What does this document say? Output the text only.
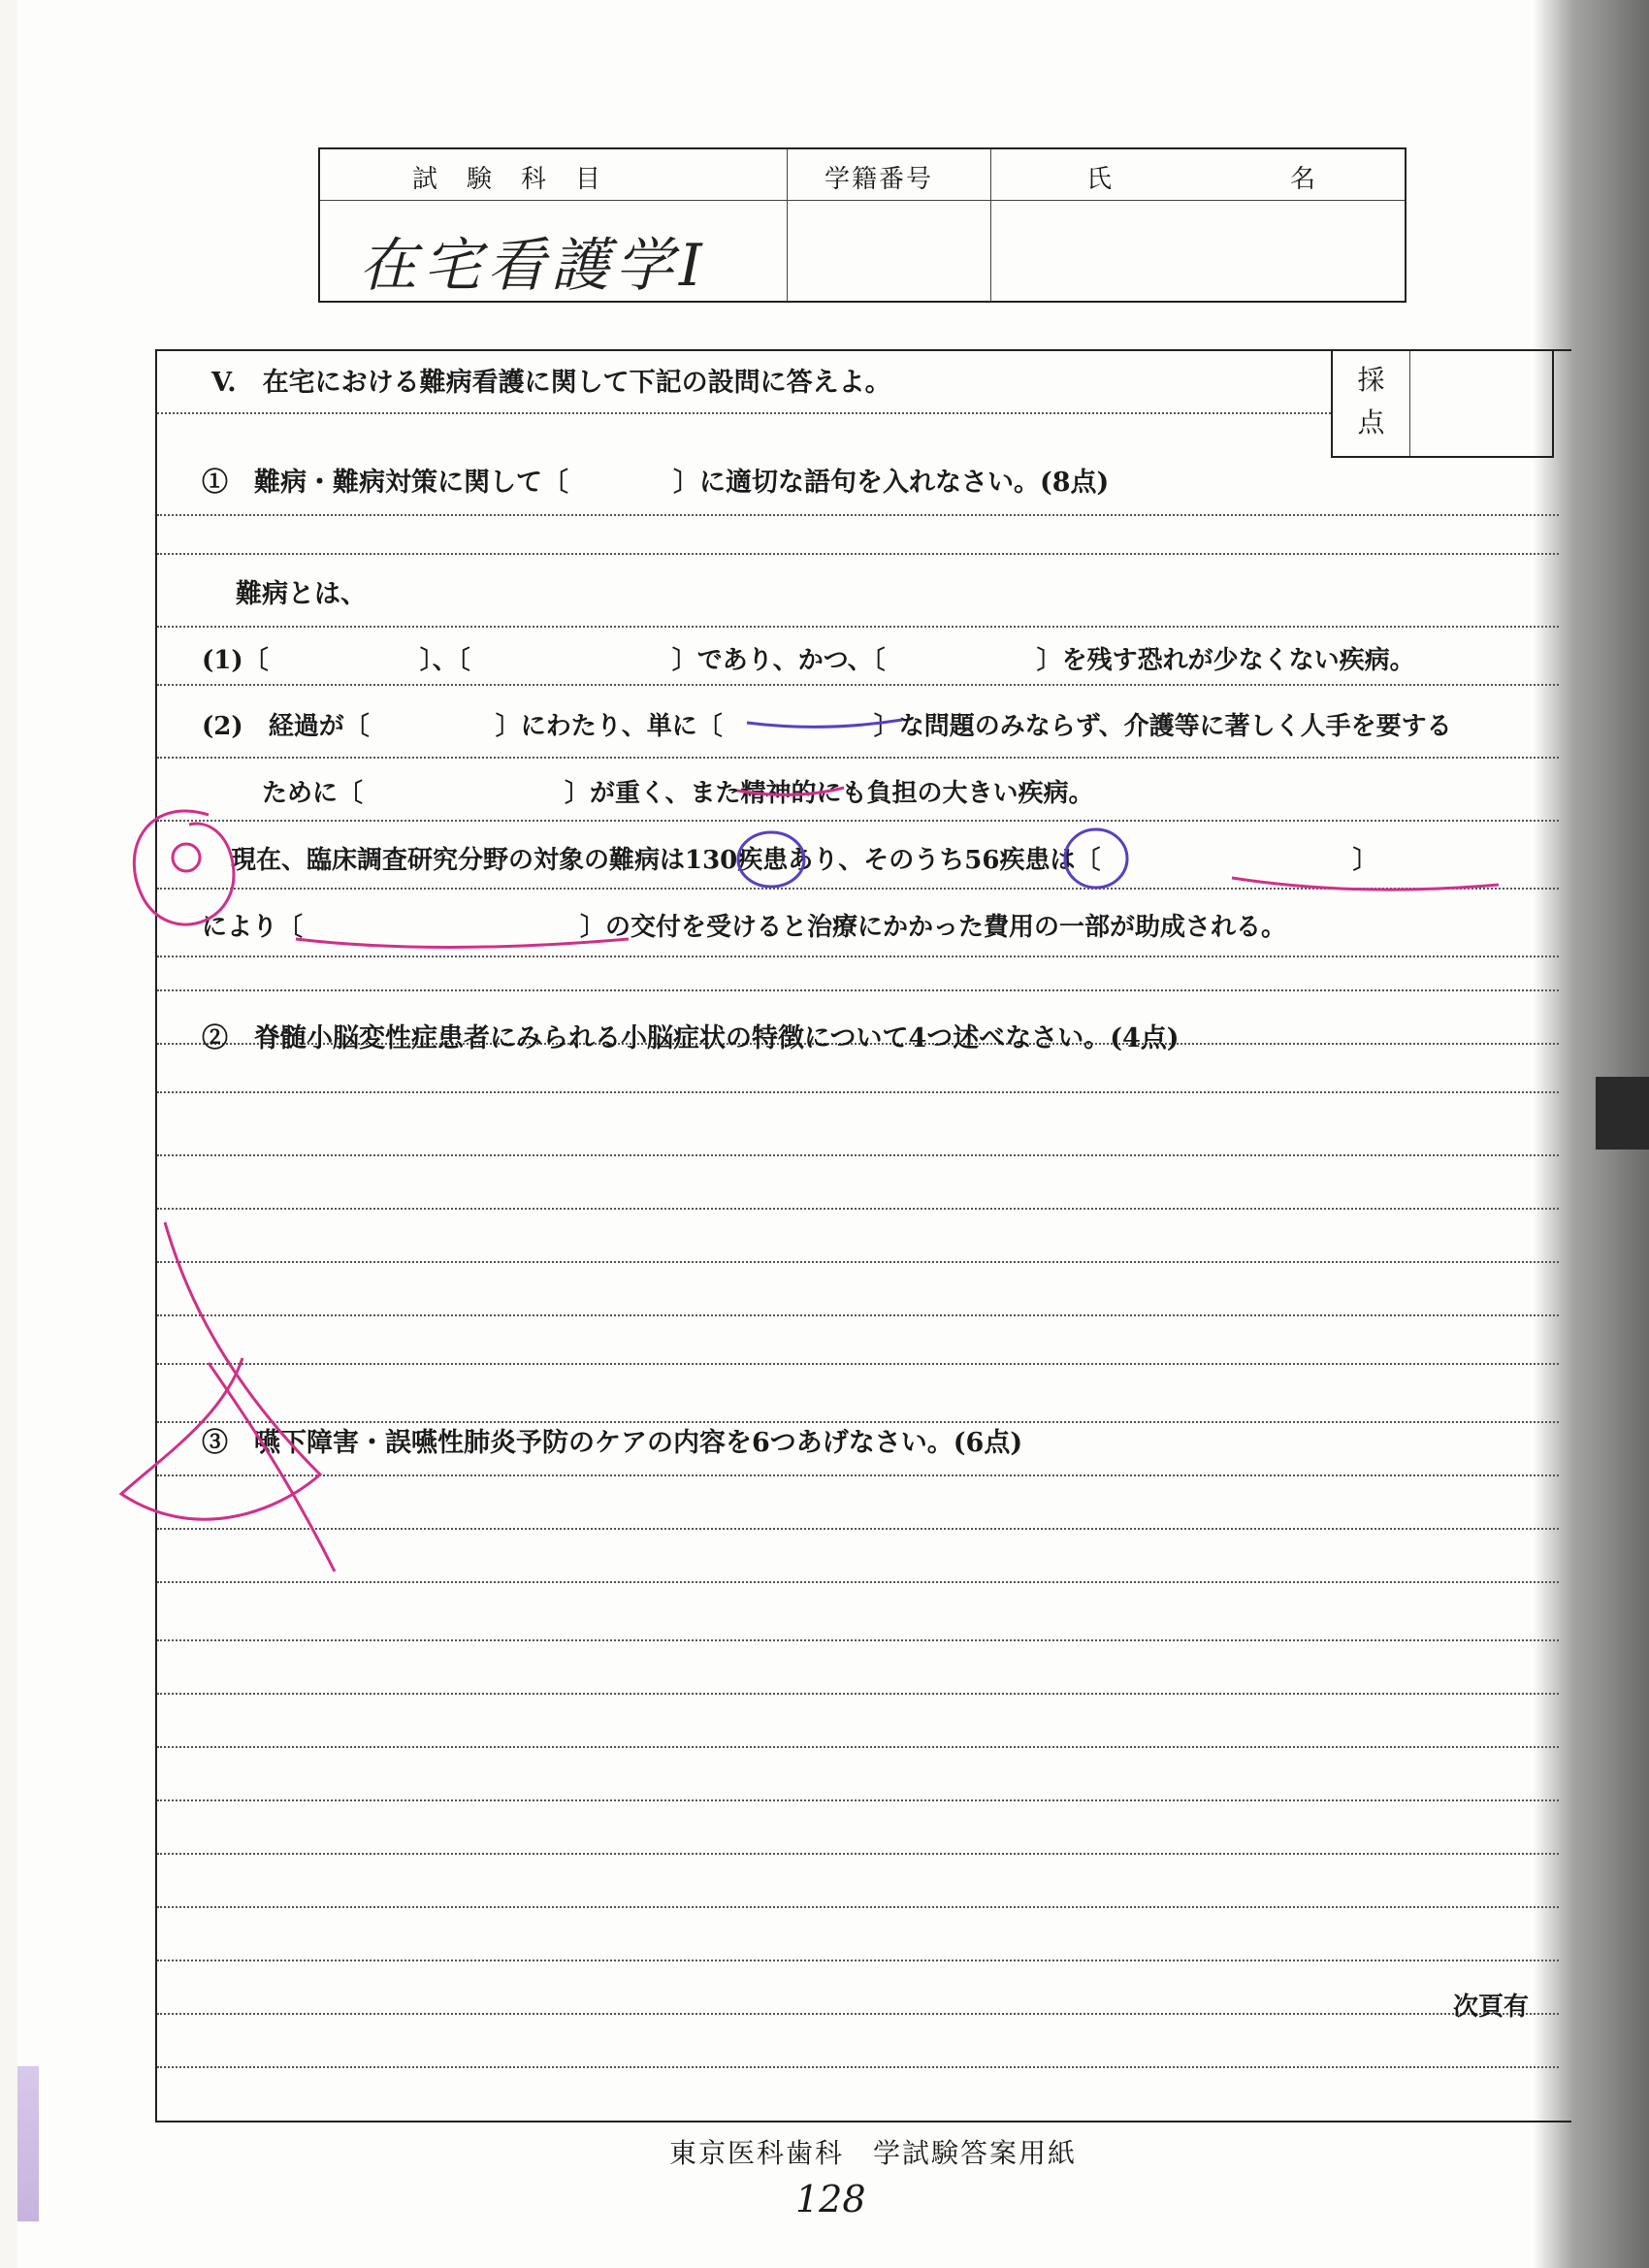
試　験　科　目	学籍番号	氏	名
在宅看護学Ⅰ
採
点
V.　在宅における難病看護に関して下記の設問に答えよ。
①　難病・難病対策に関して〔　　　　〕に適切な語句を入れなさい。(8点)
難病とは、
(1)〔　　　　　　〕、〔　　　　　　　　〕であり、かつ、〔　　　　　　〕を残す恐れが少なくない疾病。
(2)　経過が〔　　　　　〕にわたり、単に〔　　　　　　〕な問題のみならず、介護等に著しく人手を要する
ために〔　　　　　　　　〕が重く、また精神的にも負担の大きい疾病。
現在、臨床調査研究分野の対象の難病は130疾患あり、そのうち56疾患は〔　　　　　　　　　　〕
により〔　　　　　　　　　　　〕の交付を受けると治療にかかった費用の一部が助成される。
②　脊髄小脳変性症患者にみられる小脳症状の特徴について4つ述べなさい。(4点)
③　嚥下障害・誤嚥性肺炎予防のケアの内容を6つあげなさい。(6点)
次頁有
東京医科歯科　学試験答案用紙
128
